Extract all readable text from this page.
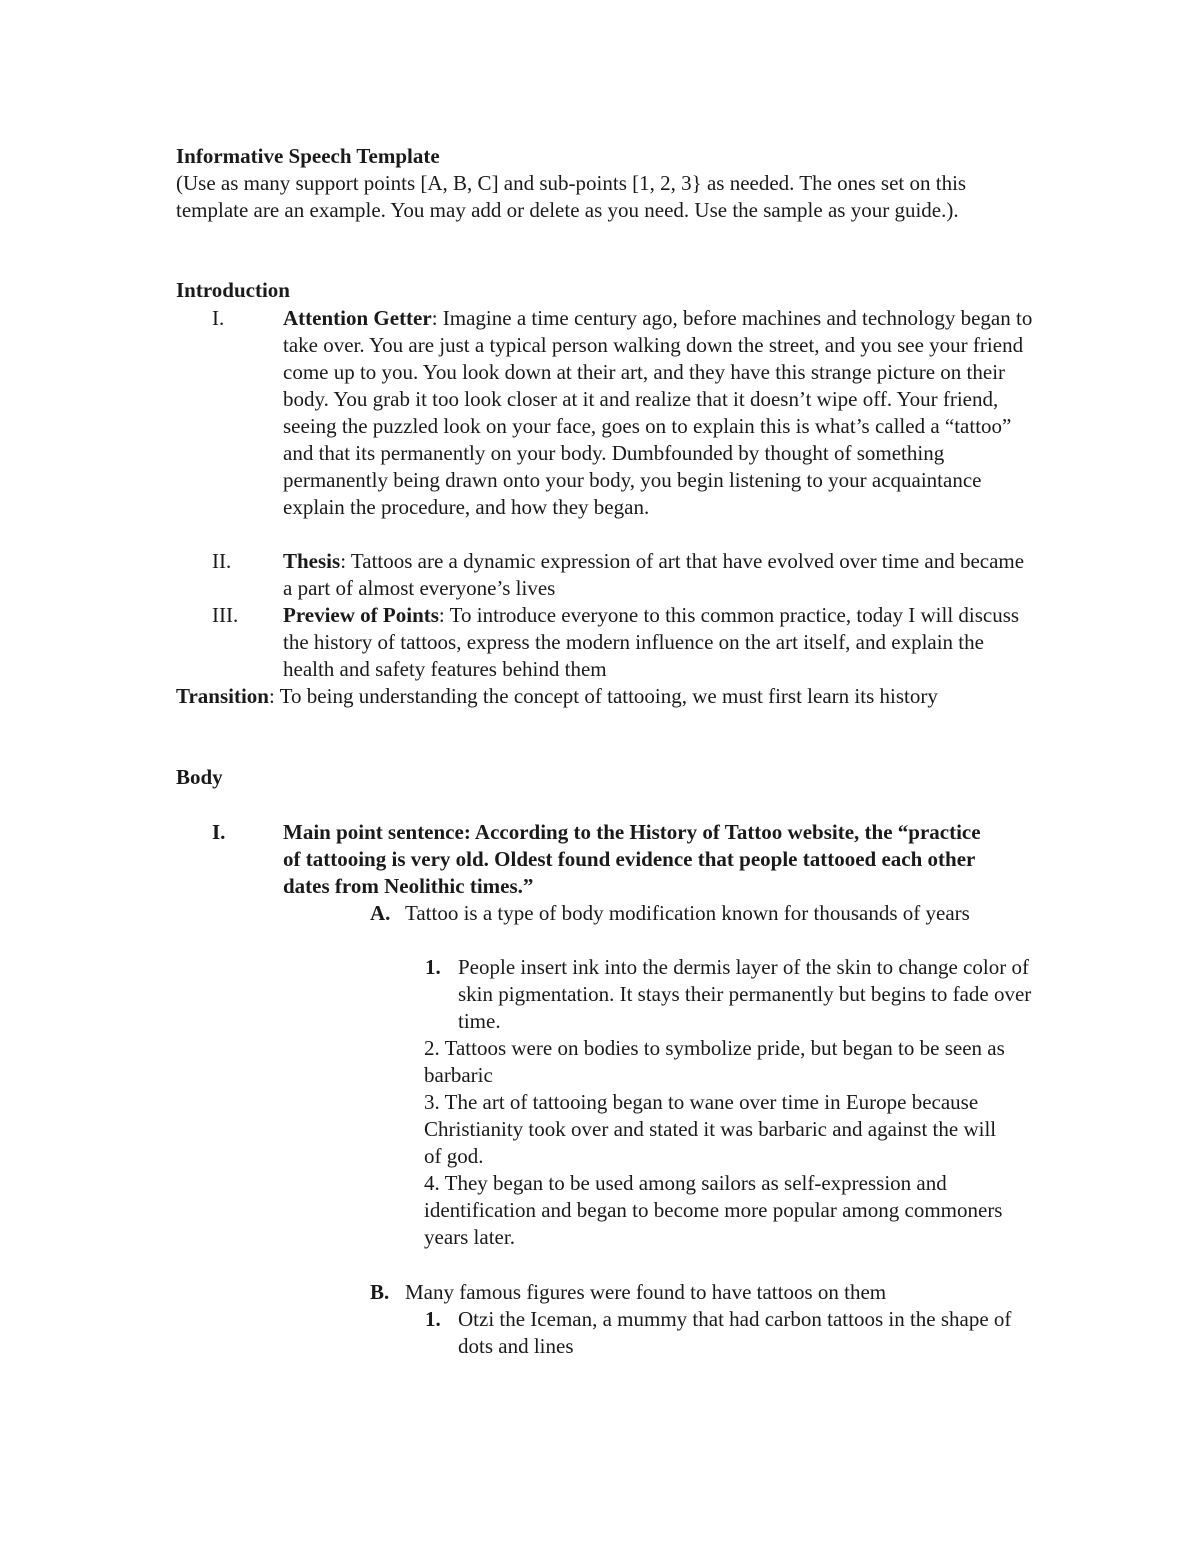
Informative Speech Template
(Use as many support points [A, B, C] and sub-points [1, 2, 3} as needed. The ones set on this template are an example. You may add or delete as you need. Use the sample as your guide.).
Introduction
I.	Attention Getter: Imagine a time century ago, before machines and technology began to take over. You are just a typical person walking down the street, and you see your friend come up to you. You look down at their art, and they have this strange picture on their body. You grab it too look closer at it and realize that it doesn’t wipe off. Your friend, seeing the puzzled look on your face, goes on to explain this is what’s called a “tattoo” and that its permanently on your body. Dumbfounded by thought of something permanently being drawn onto your body, you begin listening to your acquaintance explain the procedure, and how they began.
II. Thesis: Tattoos are a dynamic expression of art that have evolved over time and became a part of almost everyone’s lives
III. Preview of Points: To introduce everyone to this common practice, today I will discuss the history of tattoos, express the modern influence on the art itself, and explain the health and safety features behind them
Transition: To being understanding the concept of tattooing, we must first learn its history
Body
I.	Main point sentence: According to the History of Tattoo website, the “practice of tattooing is very old. Oldest found evidence that people tattooed each other dates from Neolithic times.”
A. Tattoo is a type of body modification known for thousands of years
1. People insert ink into the dermis layer of the skin to change color of skin pigmentation. It stays their permanently but begins to fade over time.
2. Tattoos were on bodies to symbolize pride, but began to be seen as barbaric
3. The art of tattooing began to wane over time in Europe because Christianity took over and stated it was barbaric and against the will of god.
4. They began to be used among sailors as self-expression and identification and began to become more popular among commoners years later.
B. Many famous figures were found to have tattoos on them
1. Otzi the Iceman, a mummy that had carbon tattoos in the shape of dots and lines
